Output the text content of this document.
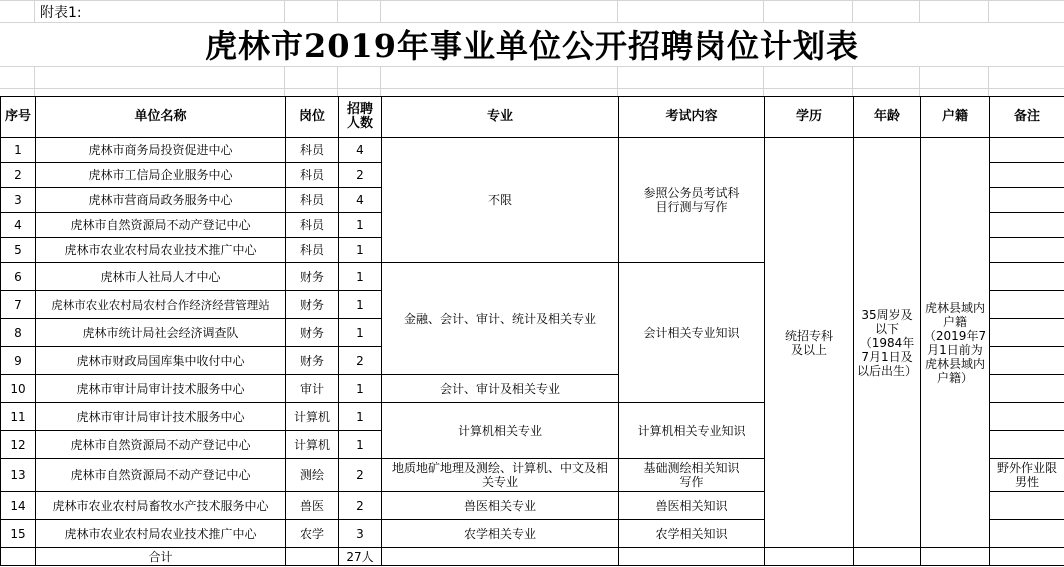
附表1:
虎林市2019年事业单位公开招聘岗位计划表
序号	单位名称	岗位	招聘人数	专业	考试内容	学历	年龄	户籍	备注
1	虎林市商务局投资促进中心	科员	4	不限	参照公务员考试科目行测与写作	统招专科及以上	35周岁及以下（1984年7月1日及以后出生）	虎林县域内户籍（2019年7月1日前为虎林县域内户籍）	
2	虎林市工信局企业服务中心	科员	2						
3	虎林市营商局政务服务中心	科员	4						
4	虎林市自然资源局不动产登记中心	科员	1						
5	虎林市农业农村局农业技术推广中心	科员	1						
6	虎林市人社局人才中心	财务	1	金融、会计、审计、统计及相关专业	会计相关专业知识				
7	虎林市农业农村局农村合作经济经营管理站	财务	1						
8	虎林市统计局社会经济调查队	财务	1						
9	虎林市财政局国库集中收付中心	财务	2						
10	虎林市审计局审计技术服务中心	审计	1	会计、审计及相关专业					
11	虎林市审计局审计技术服务中心	计算机	1	计算机相关专业	计算机相关专业知识				
12	虎林市自然资源局不动产登记中心	计算机	1						
13	虎林市自然资源局不动产登记中心	测绘	2	地质地矿地理及测绘、计算机、中文及相关专业	基础测绘相关知识写作				野外作业限男性
14	虎林市农业农村局畜牧水产技术服务中心	兽医	2	兽医相关专业	兽医相关知识				
15	虎林市农业农村局农业技术推广中心	农学	3	农学相关专业	农学相关知识				
	合计		27人						
